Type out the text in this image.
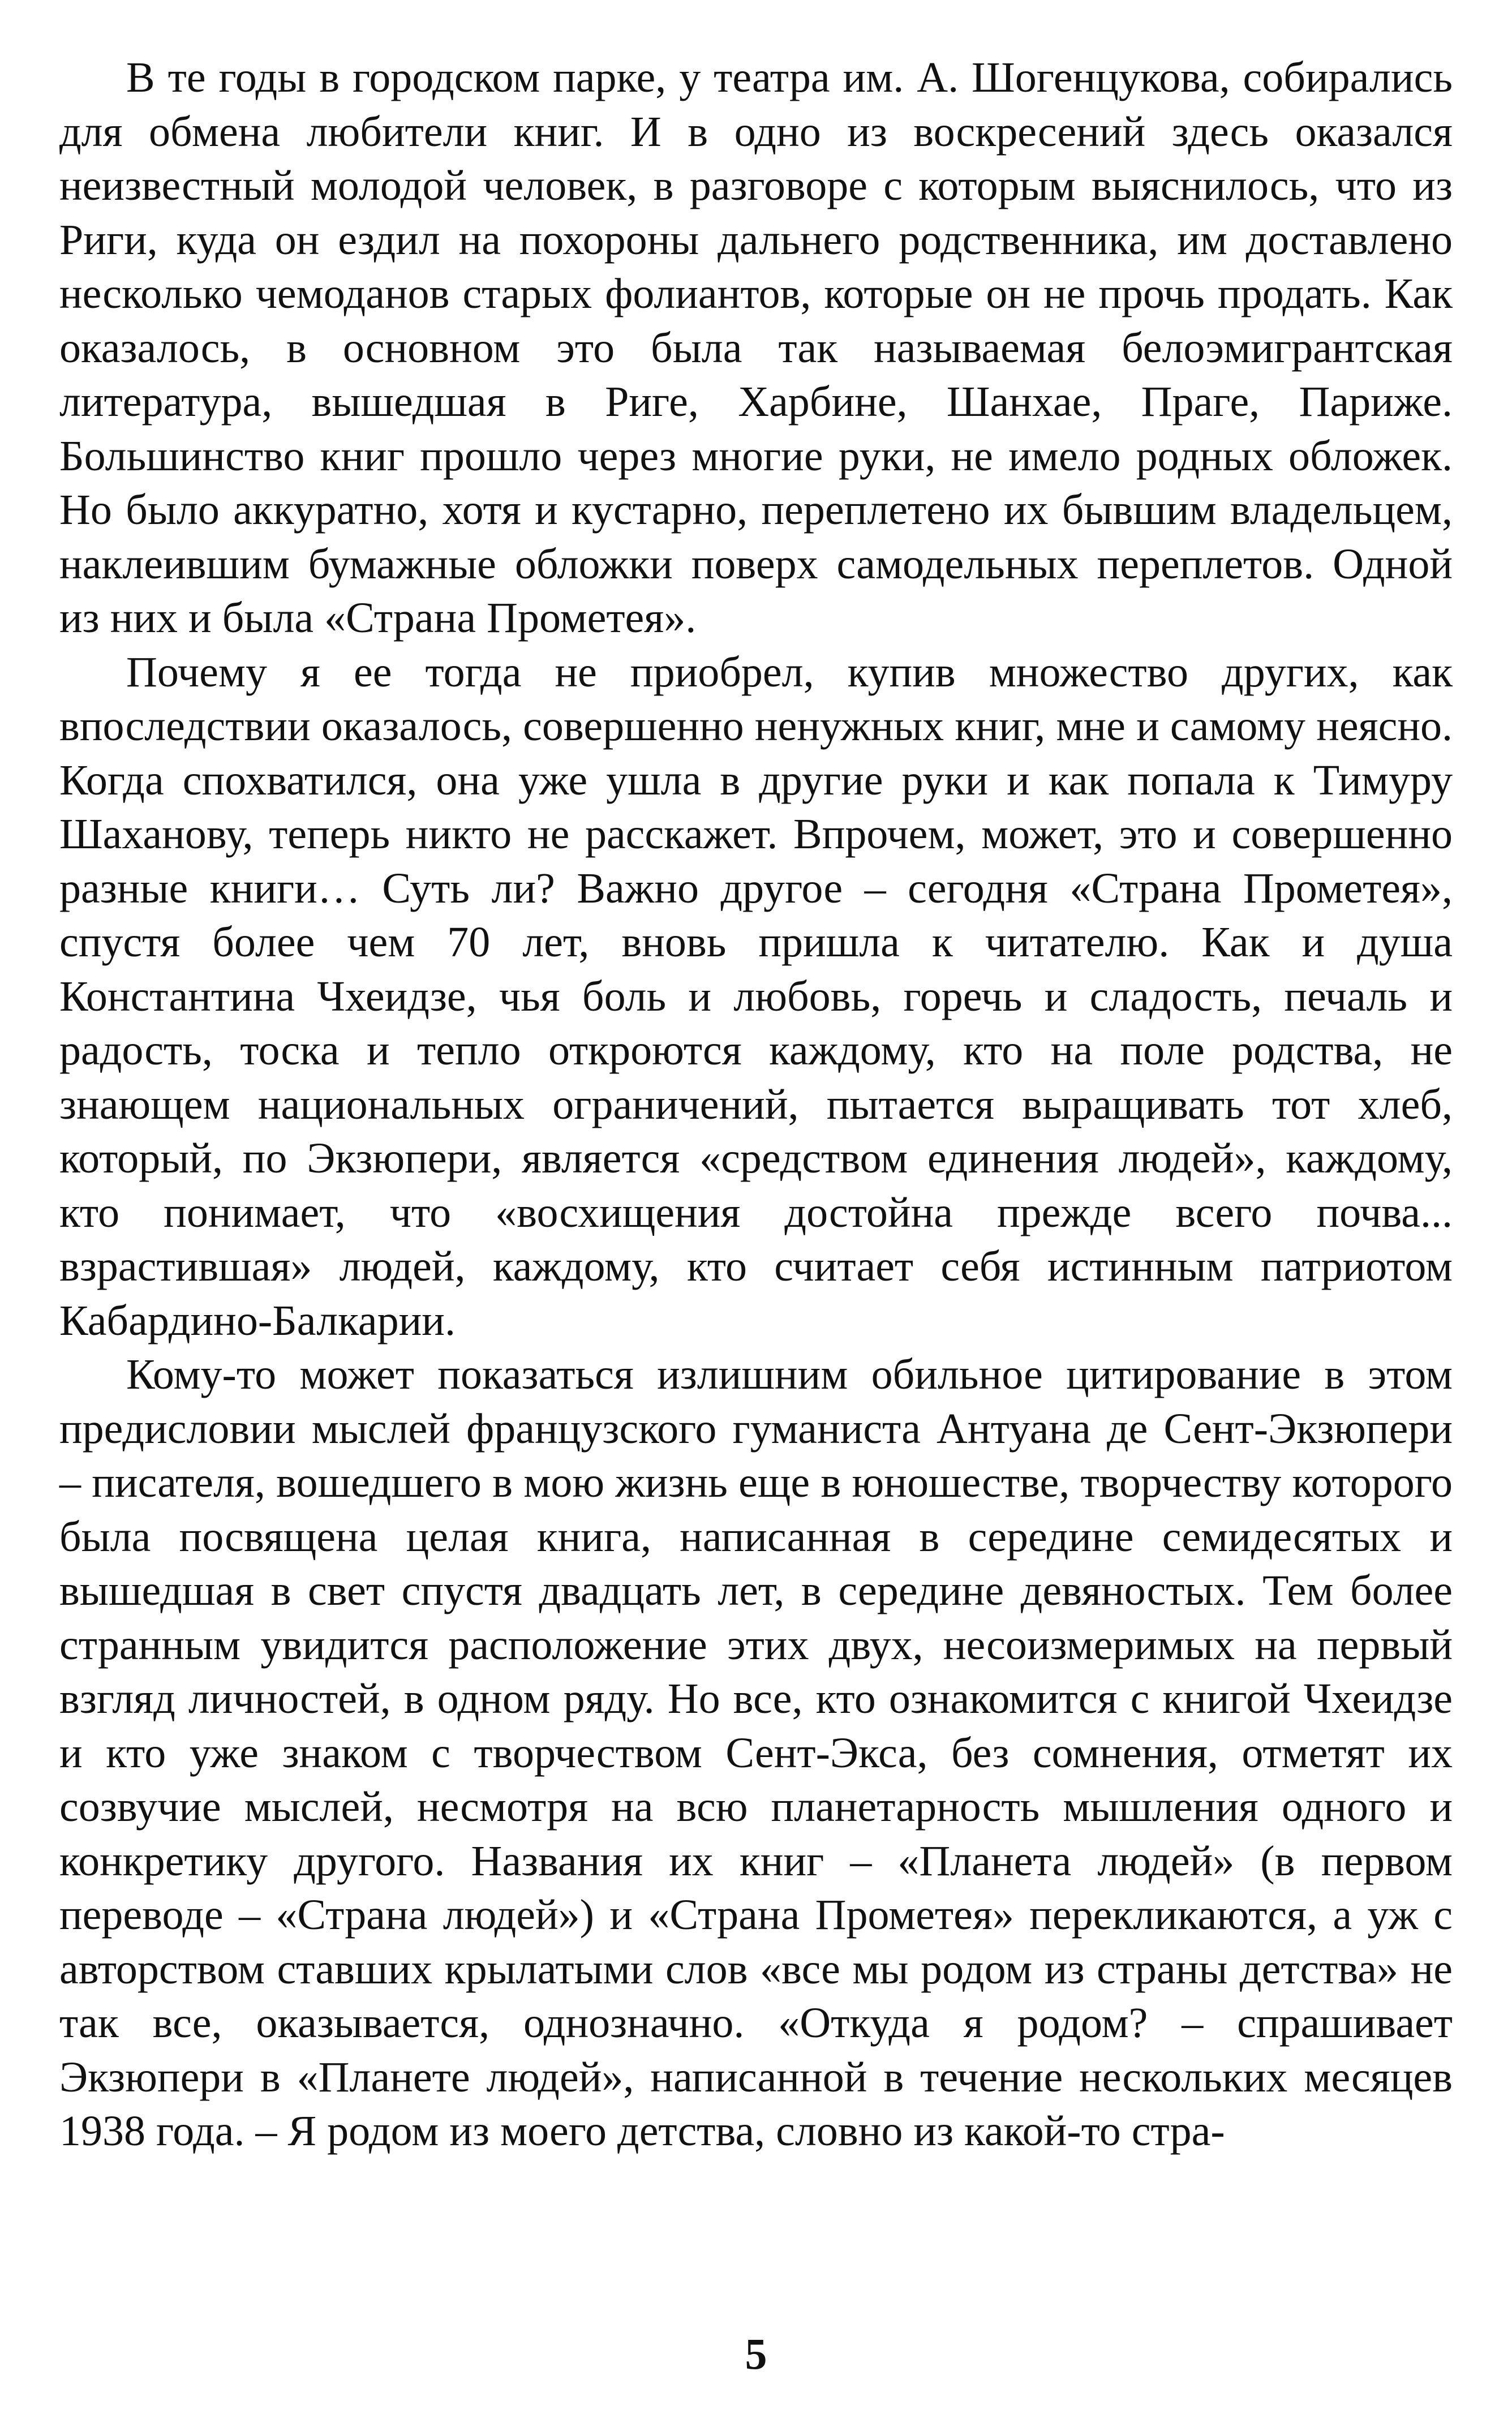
В те годы в городском парке, у театра им. А. Шогенцукова, собирались для обмена любители книг. И в одно из воскресений здесь оказался неизвестный молодой человек, в разговоре с которым выяснилось, что из Риги, куда он ездил на похороны дальнего родственника, им доставлено несколько чемоданов старых фолиантов, которые он не прочь продать. Как оказалось, в основном это была так называемая белоэмигрантская литература, вышедшая в Риге, Харбине, Шанхае, Праге, Париже. Большинство книг прошло через многие руки, не имело родных обложек. Но было аккуратно, хотя и кустарно, переплетено их бывшим владельцем, наклеившим бумажные обложки поверх самодельных переплетов. Одной из них и была «Страна Прометея».

Почему я ее тогда не приобрел, купив множество других, как впоследствии оказалось, совершенно ненужных книг, мне и самому неясно. Когда спохватился, она уже ушла в другие руки и как попала к Тимуру Шаханову, теперь никто не расскажет. Впрочем, может, это и совершенно разные книги… Суть ли? Важно другое – сегодня «Страна Прометея», спустя более чем 70 лет, вновь пришла к читателю. Как и душа Константина Чхеидзе, чья боль и любовь, горечь и сладость, печаль и радость, тоска и тепло откроются каждому, кто на поле родства, не знающем национальных ограничений, пытается выращивать тот хлеб, который, по Экзюпери, является «средством единения людей», каждому, кто понимает, что «восхищения достойна прежде всего почва... взрастившая» людей, каждому, кто считает себя истинным патриотом Кабардино-Балкарии.

Кому-то может показаться излишним обильное цитирование в этом предисловии мыслей французского гуманиста Антуана де Сент-Экзюпери – писателя, вошедшего в мою жизнь еще в юношестве, творчеству которого была посвящена целая книга, написанная в середине семидесятых и вышедшая в свет спустя двадцать лет, в середине девяностых. Тем более странным увидится расположение этих двух, несоизмеримых на первый взгляд личностей, в одном ряду. Но все, кто ознакомится с книгой Чхеидзе и кто уже знаком с творчеством Сент-Экса, без сомнения, отметят их созвучие мыслей, несмотря на всю планетарность мышления одного и конкретику другого. Названия их книг – «Планета людей» (в первом переводе – «Страна людей») и «Страна Прометея» перекликаются, а уж с авторством ставших крылатыми слов «все мы родом из страны детства» не так все, оказывается, однозначно. «Откуда я родом? – спрашивает Экзюпери в «Планете людей», написанной в течение нескольких месяцев 1938 года. – Я родом из моего детства, словно из какой-то стра-

5
